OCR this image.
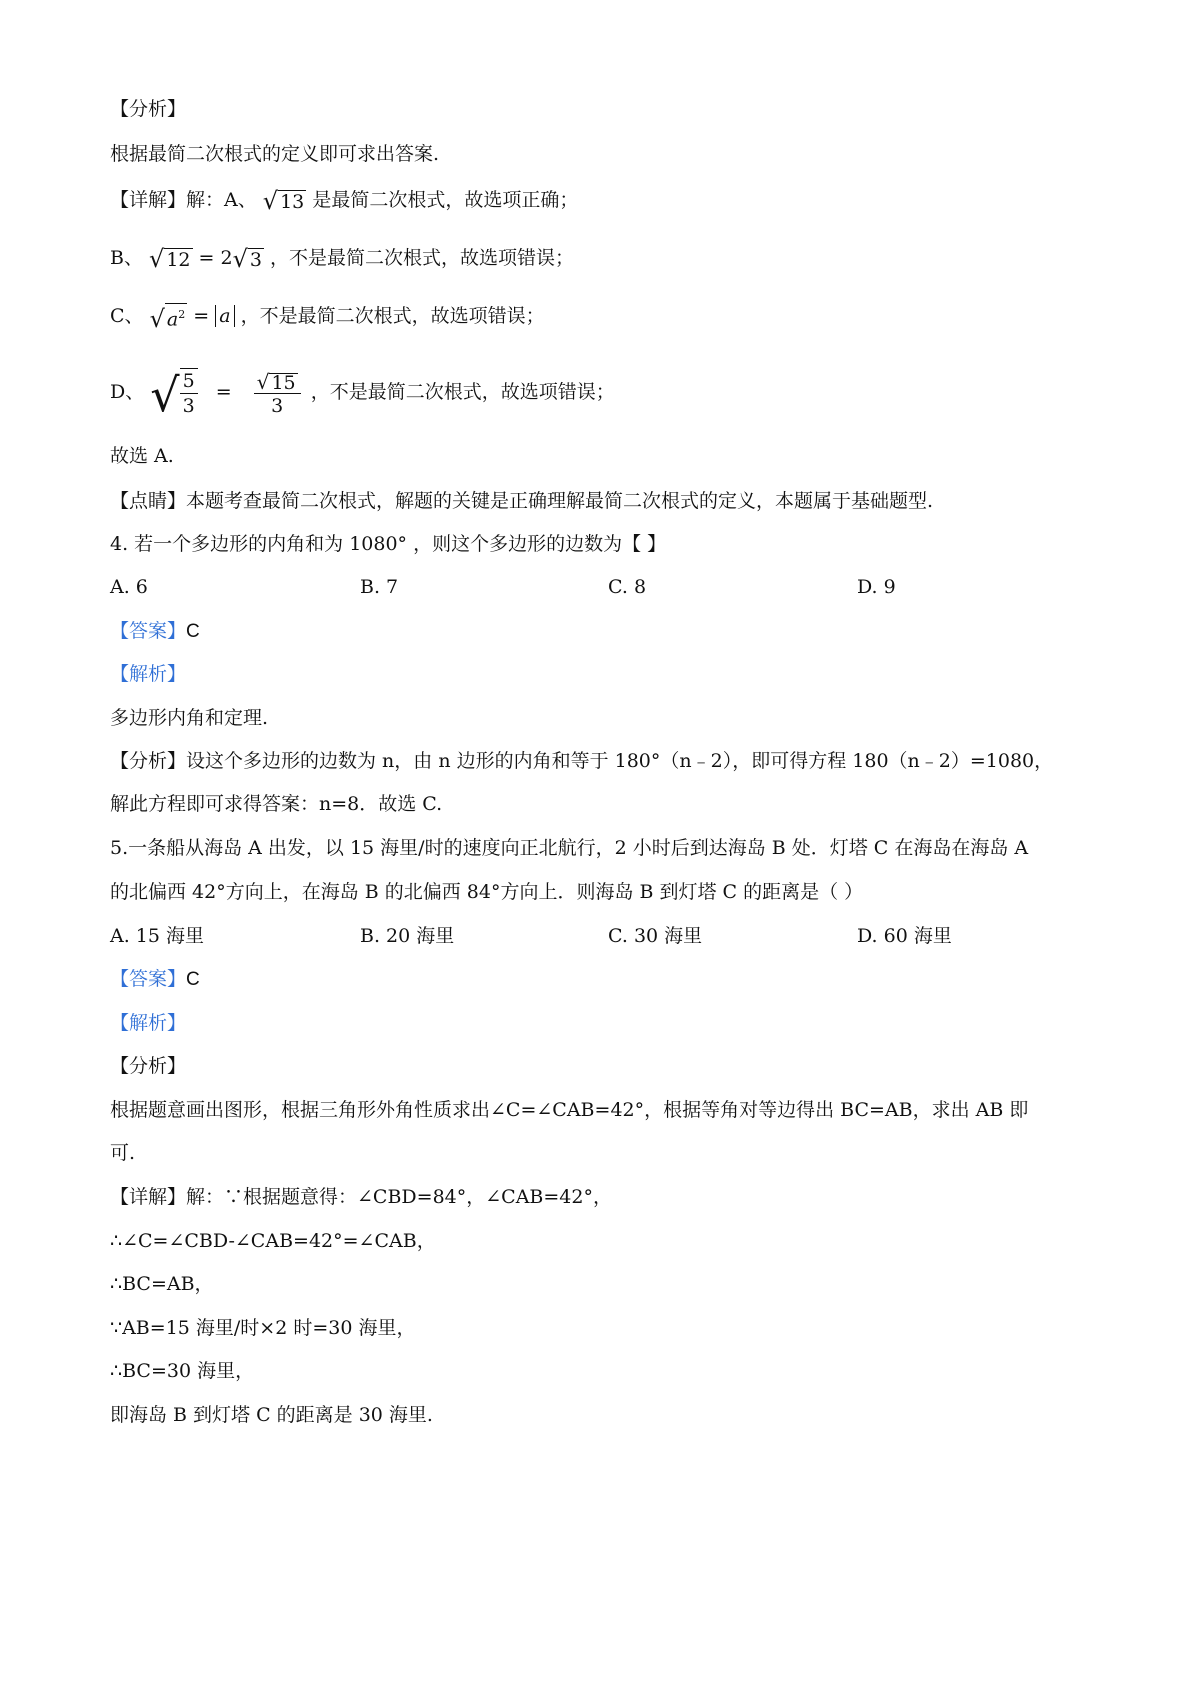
【分析】
根据最简二次根式的定义即可求出答案.
【详解】解：A、 √ 13 是最简二次根式，故选项正确；
B、 √ 12 = 2 √ 3 ，不是最简二次根式，故选项错误；
C、 √ $a^2 = a$ ，不是最简二次根式，故选项错误；
D、 √ $\frac{5}{3} = \frac{√ 15}{3}$ ，不是最简二次根式，故选项错误；
故选 A.
【点睛】本题考查最简二次根式，解题的关键是正确理解最简二次根式的定义，本题属于基础题型.
4. 若一个多边形的内角和为 1080° ，则这个多边形的边数为【 】
A. 6	B. 7	C. 8	D. 9
【答案】C
【解析】
多边形内角和定理.
【分析】设这个多边形的边数为 n，由 n 边形的内角和等于 180°（n﹣2），即可得方程 180（n﹣2）=1080，
解此方程即可求得答案：n=8．故选 C.
5.一条船从海岛 A 出发，以 15 海里/时的速度向正北航行，2 小时后到达海岛 B 处．灯塔 C 在海岛在海岛 A
的北偏西 42°方向上，在海岛 B 的北偏西 84°方向上．则海岛 B 到灯塔 C 的距离是（ ）
A. 15 海里	B. 20 海里	C. 30 海里	D. 60 海里
【答案】C
【解析】
【分析】
根据题意画出图形，根据三角形外角性质求出∠C=∠CAB=42°，根据等角对等边得出 BC=AB，求出 AB 即
可.
【详解】解：∵根据题意得：∠CBD=84°，∠CAB=42°，
∴∠C=∠CBD-∠CAB=42°=∠CAB，
∴BC=AB，
∵AB=15 海里/时×2 时=30 海里，
∴BC=30 海里，
即海岛 B 到灯塔 C 的距离是 30 海里.
